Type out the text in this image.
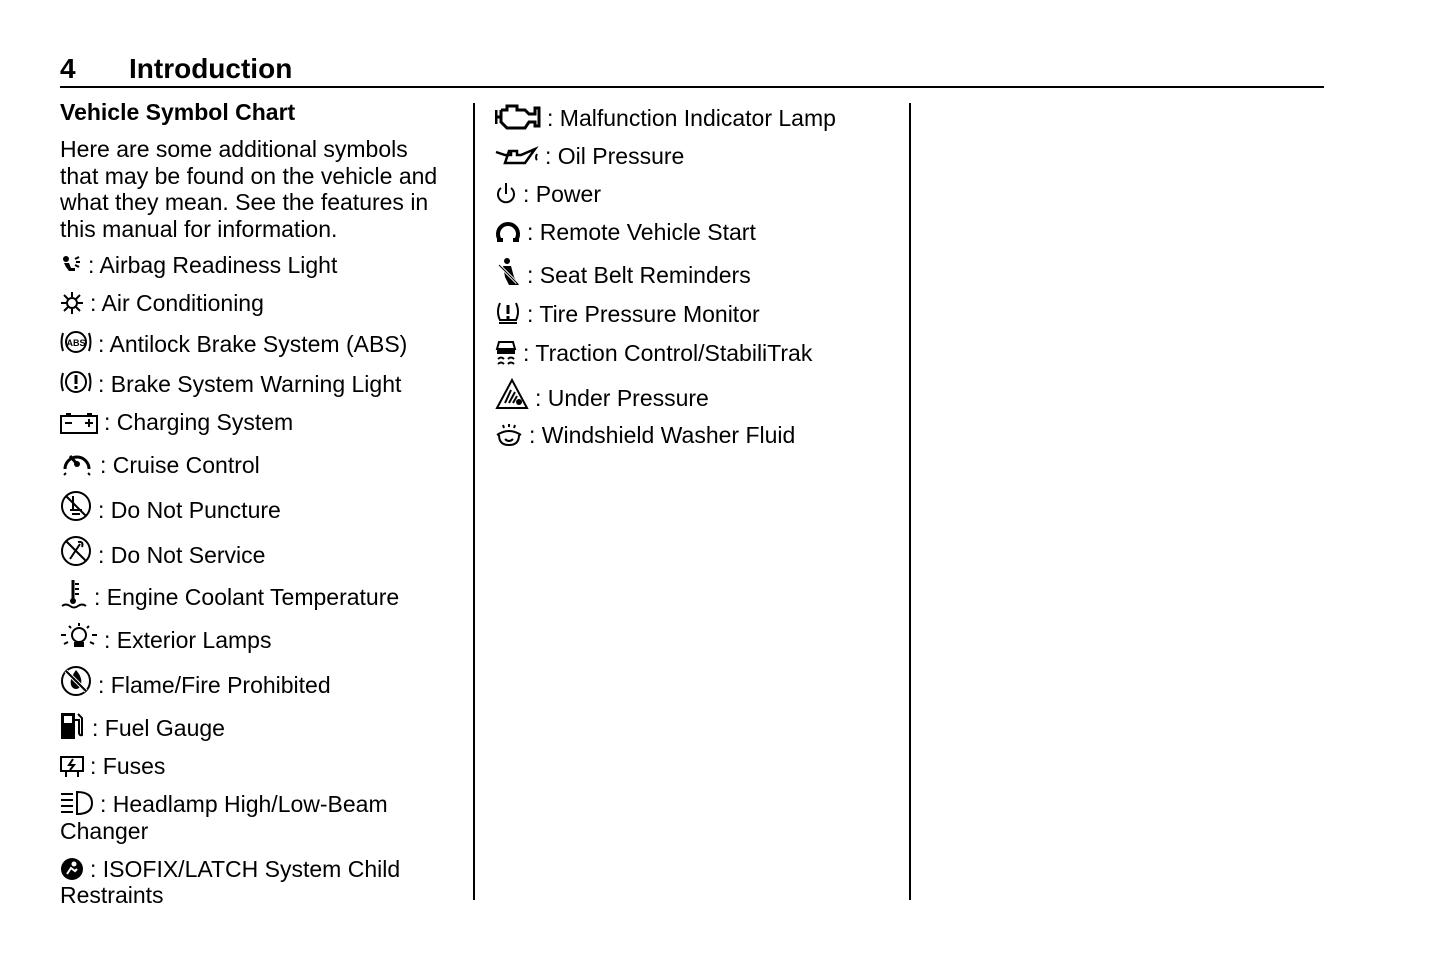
4 Introduction
Vehicle Symbol Chart
Here are some additional symbols that may be found on the vehicle and what they mean. See the features in this manual for information.
: Airbag Readiness Light
: Air Conditioning
ABS : Antilock Brake System (ABS)
: Brake System Warning Light
: Charging System
: Cruise Control
: Do Not Puncture
: Do Not Service
: Engine Coolant Temperature
: Exterior Lamps
: Flame/Fire Prohibited
: Fuel Gauge
: Fuses
: Headlamp High/Low-Beam Changer
: ISOFIX/LATCH System Child Restraints
: Malfunction Indicator Lamp
: Oil Pressure
: Power
: Remote Vehicle Start
: Seat Belt Reminders
: Tire Pressure Monitor
: Traction Control/StabiliTrak
: Under Pressure
: Windshield Washer Fluid
